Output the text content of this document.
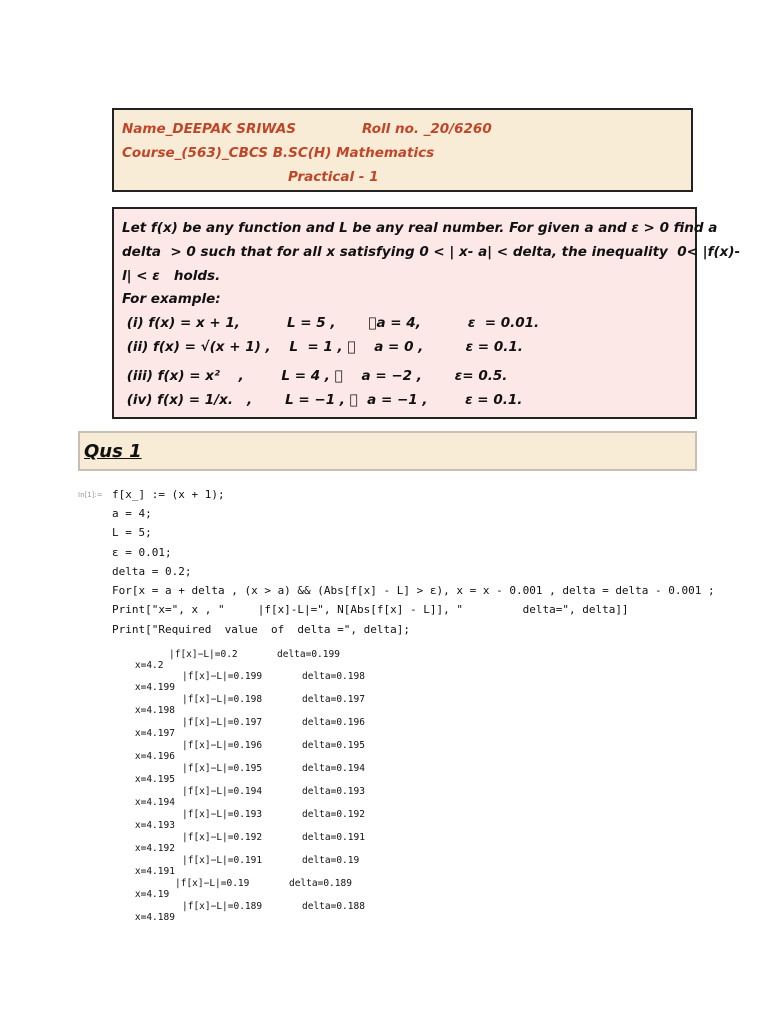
Name_DEEPAK SRIWAS	Roll no. _20/6260
Course_(563)_CBCS B.SC(H) Mathematics
Practical - 1
Let f(x) be any function and L be any real number. For given a and ε > 0 find a
delta  > 0 such that for all x satisfying 0 < | x- a| < delta, the inequality  0< |f(x)-
l| < ε   holds.
For example:
(i) f(x) = x + 1,          L = 5 ,        a = 4,          ε  = 0.01.
(ii) f(x) = √(x + 1) ,    L  = 1 ,      a = 0 ,         ε = 0.1.
(iii) f(x) = x²    ,        L = 4 ,      a = −2 ,       ε= 0.5.
(iv) f(x) = 1/x.   ,       L = −1 ,    a = −1 ,        ε = 0.1.
Qus 1
In[1]:= f[x_] := (x + 1);
a = 4;
L = 5;
ε = 0.01;
delta = 0.2;
For[x = a + delta , (x > a) && (Abs[f[x] - L] > ε), x = x - 0.001 , delta = delta - 0.001 ;
Print["x=", x , "     |f[x]-L|=", N[Abs[f[x] - L]], "         delta=", delta]]
Print["Required  value  of  delta =", delta];

x=4.2

|f[x]−L|=0.2

	delta=0.199

x=4.199

|f[x]−L|=0.199

	delta=0.198

x=4.198

|f[x]−L|=0.198

	delta=0.197

x=4.197

|f[x]−L|=0.197

	delta=0.196

x=4.196

|f[x]−L|=0.196

	delta=0.195

x=4.195

|f[x]−L|=0.195

	delta=0.194

x=4.194

|f[x]−L|=0.194

	delta=0.193

x=4.193

|f[x]−L|=0.193

	delta=0.192

x=4.192

|f[x]−L|=0.192

	delta=0.191

x=4.191

|f[x]−L|=0.191

	delta=0.19

x=4.19

|f[x]−L|=0.19

	delta=0.189

x=4.189

|f[x]−L|=0.189

	delta=0.188
